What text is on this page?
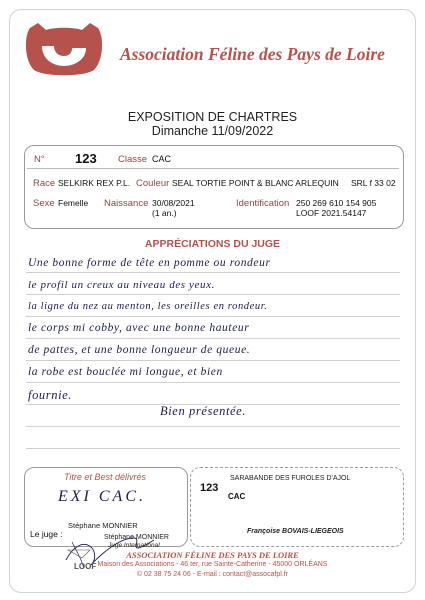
Association Féline des Pays de Loire
EXPOSITION DE CHARTRES
Dimanche 11/09/2022
N° 123 Classe CAC
Race SELKIRK REX P.L. Couleur SEAL TORTIE POINT & BLANC ARLEQUIN SRL f 33 02
Sexe Femelle Naissance 30/08/2021
(1 an.)
Identification 250 269 610 154 905
LOOF 2021.54147
APPRÉCIATIONS DU JUGE
Une bonne forme de tête en pomme ou rondeur
le profil un creux au niveau des yeux.
la ligne du nez au menton, les oreilles en rondeur.
le corps mi cobby, avec une bonne hauteur
de pattes, et une bonne longueur de queue.
la robe est bouclée mi longue, et bien
fournie.
Bien présentée.
Titre et Best délivrés
EXI CAC.
Le juge :
Stéphane MONNIER
Stéphane MONNIER
Juge International
LOOF
123
SARABANDE DES FUROLES D'AJOL
CAC
Françoise BOVAIS-LIEGEOIS
ASSOCIATION FÉLINE DES PAYS DE LOIRE
Maison des Associations - 46 ter, rue Sainte-Catherine - 45000 ORLÉANS
© 02 38 75 24 06 - E-mail : contact@assocafpl.fr
